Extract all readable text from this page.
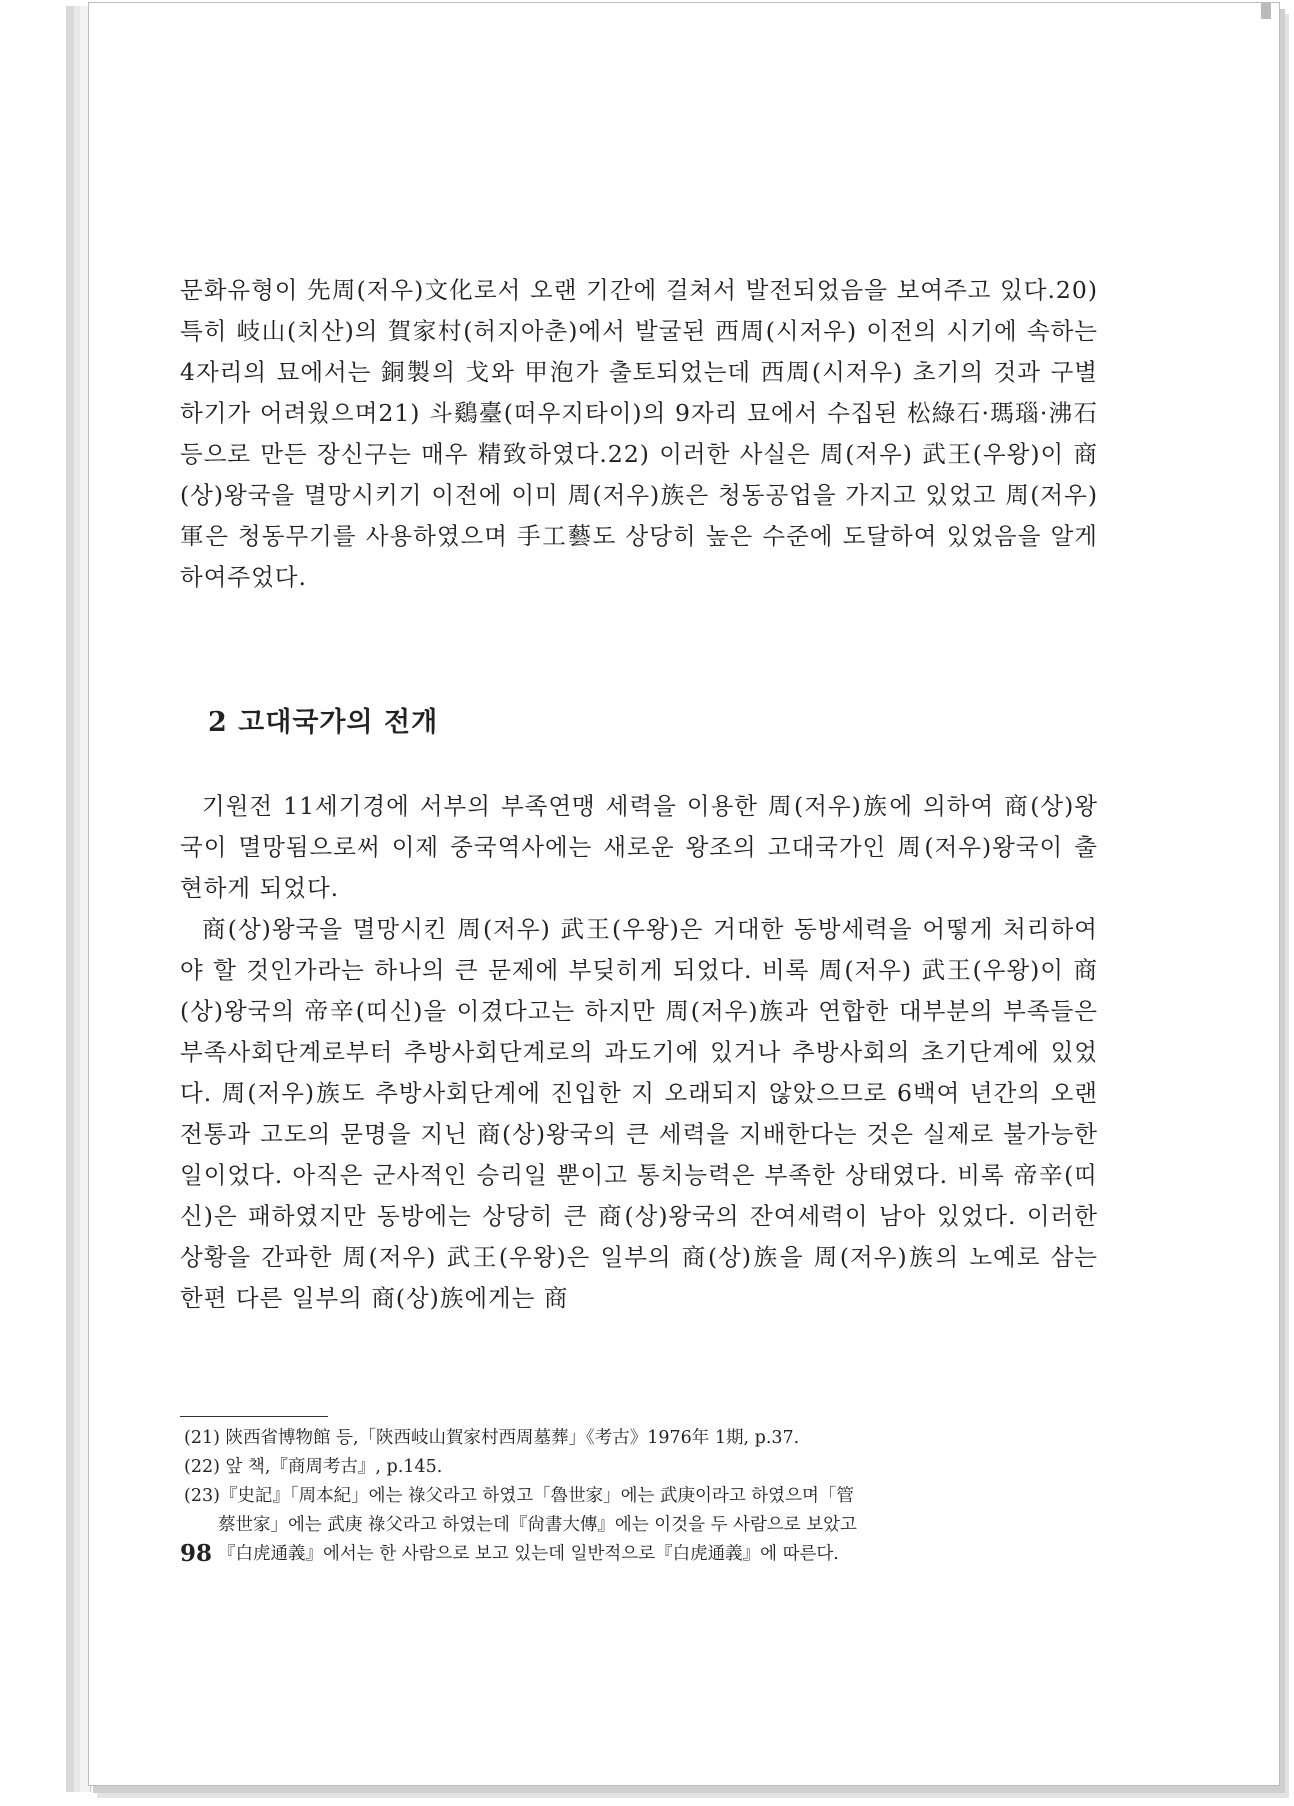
문화유형이 先周(저우)文化로서 오랜 기간에 걸쳐서 발전되었음을 보여주고 있다.20) 특히 岐山(치산)의 賀家村(허지아춘)에서 발굴된 西周(시저우) 이전의 시기에 속하는 4자리의 묘에서는 銅製의 戈와 甲泡가 출토되었는데 西周(시저우) 초기의 것과 구별하기가 어려웠으며21) 斗鷄臺(떠우지타이)의 9자리 묘에서 수집된 松綠石·瑪瑙·沸石 등으로 만든 장신구는 매우 精致하였다.22) 이러한 사실은 周(저우) 武王(우왕)이 商(상)왕국을 멸망시키기 이전에 이미 周(저우)族은 청동공업을 가지고 있었고 周(저우)軍은 청동무기를 사용하였으며 手工藝도 상당히 높은 수준에 도달하여 있었음을 알게 하여주었다.

2 고대국가의 전개

기원전 11세기경에 서부의 부족연맹 세력을 이용한 周(저우)族에 의하여 商(상)왕국이 멸망됨으로써 이제 중국역사에는 새로운 왕조의 고대국가인 周(저우)왕국이 출현하게 되었다.

商(상)왕국을 멸망시킨 周(저우) 武王(우왕)은 거대한 동방세력을 어떻게 처리하여야 할 것인가라는 하나의 큰 문제에 부딪히게 되었다. 비록 周(저우) 武王(우왕)이 商(상)왕국의 帝辛(띠신)을 이겼다고는 하지만 周(저우)族과 연합한 대부분의 부족들은 부족사회단계로부터 추방사회단계로의 과도기에 있거나 추방사회의 초기단계에 있었다. 周(저우)族도 추방사회단계에 진입한 지 오래되지 않았으므로 6백여 년간의 오랜 전통과 고도의 문명을 지닌 商(상)왕국의 큰 세력을 지배한다는 것은 실제로 불가능한 일이었다. 아직은 군사적인 승리일 뿐이고 통치능력은 부족한 상태였다. 비록 帝辛(띠신)은 패하였지만 동방에는 상당히 큰 商(상)왕국의 잔여세력이 남아 있었다. 이러한 상황을 간파한 周(저우) 武王(우왕)은 일부의 商(상)族을 周(저우)族의 노예로 삼는 한편 다른 일부의 商(상)族에게는 商

(21) 陝西省博物館 등,「陝西岐山賀家村西周墓葬」《考古》1976年 1期, p.37.

(22) 앞 책,『商周考古』, p.145.

(23)『史記』「周本紀」에는 祿父라고 하였고「魯世家」에는 武庚이라고 하였으며「管

蔡世家」에는 武庚 祿父라고 하였는데『尙書大傳』에는 이것을 두 사람으로 보았고

『白虎通義』에서는 한 사람으로 보고 있는데 일반적으로『白虎通義』에 따른다.

98
